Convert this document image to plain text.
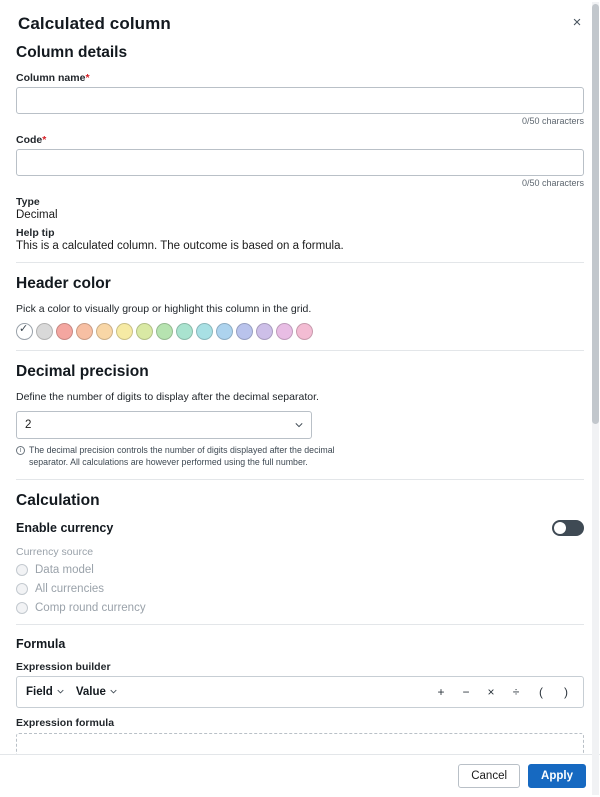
Calculated column	×
Column details
Column name*
0/50 characters
Code*
0/50 characters
Type
Decimal
Help tip
This is a calculated column. The outcome is based on a formula.
Header color
Pick a color to visually group or highlight this column in the grid.
✓
Decimal precision
Define the number of digits to display after the decimal separator.
2
i The decimal precision controls the number of digits displayed after the decimal separator. All calculations are however performed using the full number.
Calculation
Enable currency
Currency source
Data model
All currencies
Comp round currency
Formula
Expression builder
Field Value	+ − × ÷	(	)
Expression formula
Cancel	Apply
